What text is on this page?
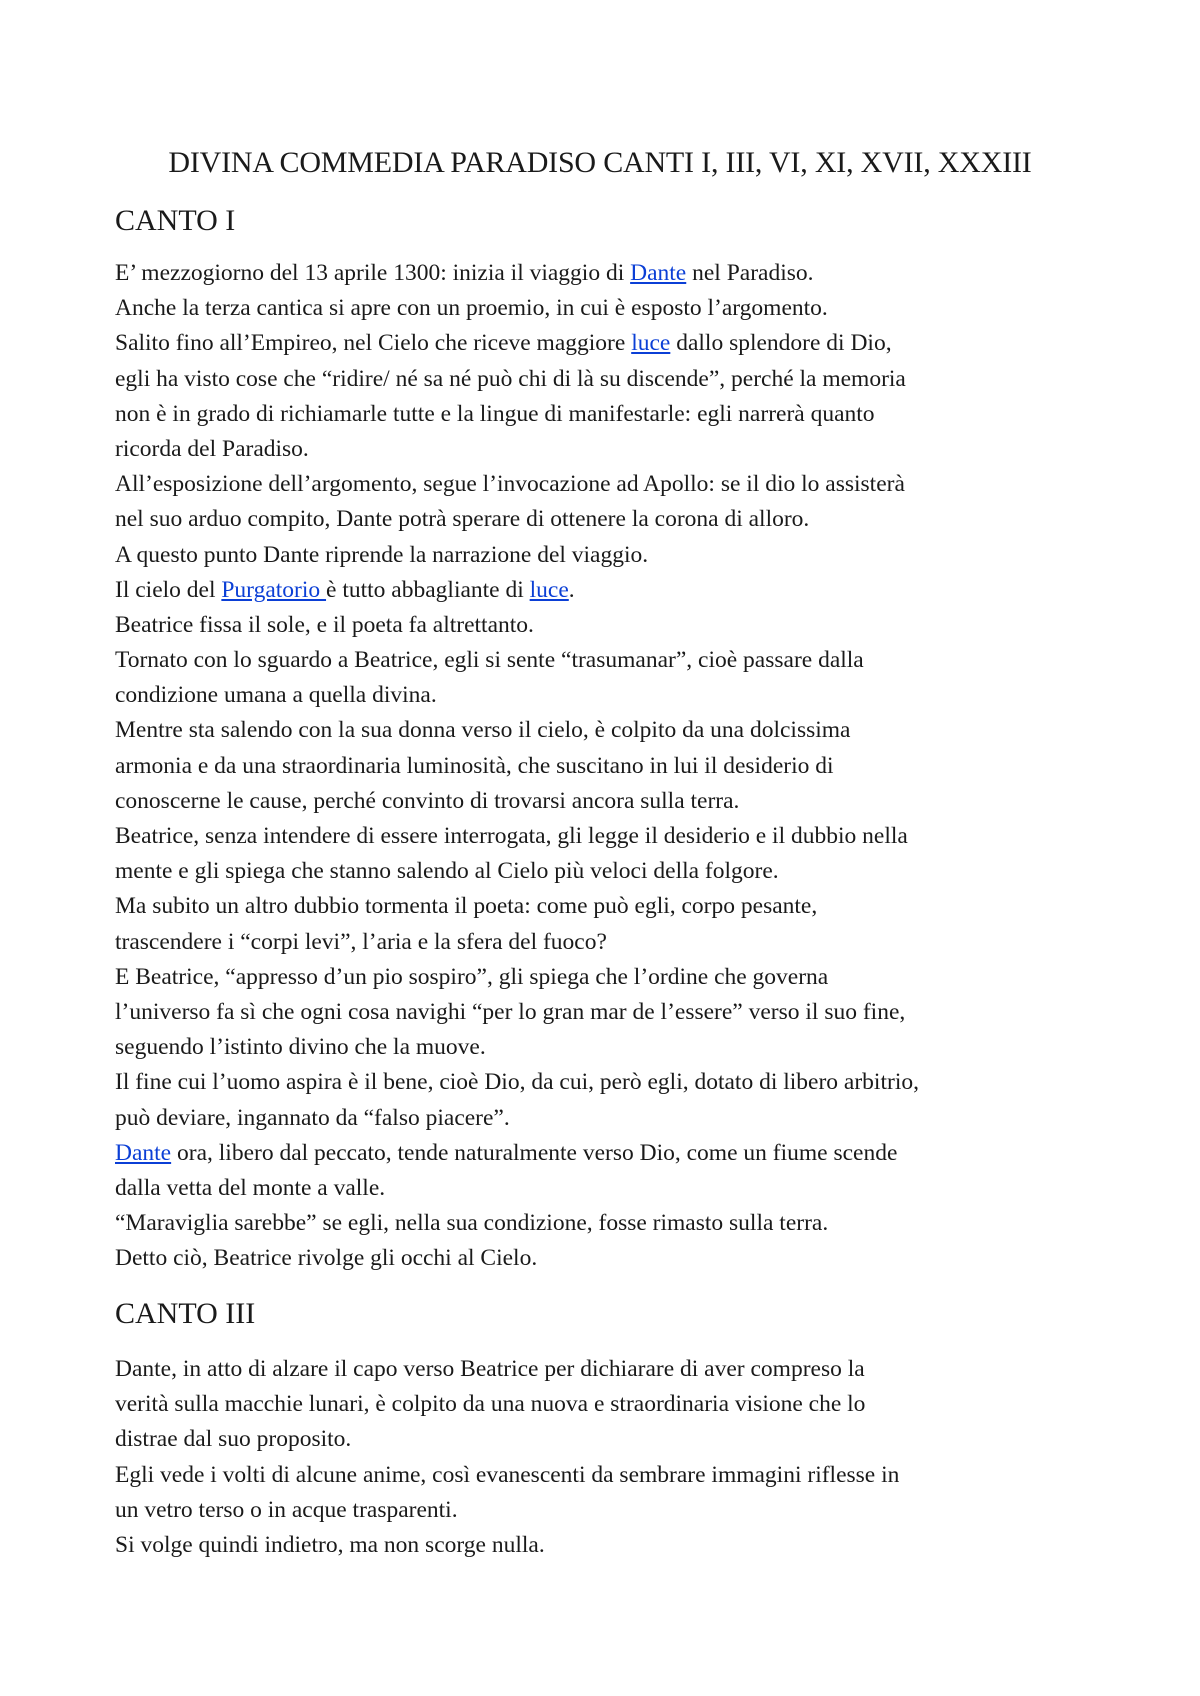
DIVINA COMMEDIA PARADISO CANTI I, III, VI, XI, XVII, XXXIII
CANTO I
E’ mezzogiorno del 13 aprile 1300: inizia il viaggio di Dante nel Paradiso.
Anche la terza cantica si apre con un proemio, in cui è esposto l’argomento.
Salito fino all’Empireo, nel Cielo che riceve maggiore luce dallo splendore di Dio,
egli ha visto cose che “ridire/ né sa né può chi di là su discende”, perché la memoria
non è in grado di richiamarle tutte e la lingue di manifestarle: egli narrerà quanto
ricorda del Paradiso.
All’esposizione dell’argomento, segue l’invocazione ad Apollo: se il dio lo assisterà
nel suo arduo compito, Dante potrà sperare di ottenere la corona di alloro.
A questo punto Dante riprende la narrazione del viaggio.
Il cielo del Purgatorio è tutto abbagliante di luce.
Beatrice fissa il sole, e il poeta fa altrettanto.
Tornato con lo sguardo a Beatrice, egli si sente “trasumanar”, cioè passare dalla
condizione umana a quella divina.
Mentre sta salendo con la sua donna verso il cielo, è colpito da una dolcissima
armonia e da una straordinaria luminosità, che suscitano in lui il desiderio di
conoscerne le cause, perché convinto di trovarsi ancora sulla terra.
Beatrice, senza intendere di essere interrogata, gli legge il desiderio e il dubbio nella
mente e gli spiega che stanno salendo al Cielo più veloci della folgore.
Ma subito un altro dubbio tormenta il poeta: come può egli, corpo pesante,
trascendere i “corpi levi”, l’aria e la sfera del fuoco?
E Beatrice, “appresso d’un pio sospiro”, gli spiega che l’ordine che governa
l’universo fa sì che ogni cosa navighi “per lo gran mar de l’essere” verso il suo fine,
seguendo l’istinto divino che la muove.
Il fine cui l’uomo aspira è il bene, cioè Dio, da cui, però egli, dotato di libero arbitrio,
può deviare, ingannato da “falso piacere”.
Dante ora, libero dal peccato, tende naturalmente verso Dio, come un fiume scende
dalla vetta del monte a valle.
“Maraviglia sarebbe” se egli, nella sua condizione, fosse rimasto sulla terra.
Detto ciò, Beatrice rivolge gli occhi al Cielo.
CANTO III
Dante, in atto di alzare il capo verso Beatrice per dichiarare di aver compreso la
verità sulla macchie lunari, è colpito da una nuova e straordinaria visione che lo
distrae dal suo proposito.
Egli vede i volti di alcune anime, così evanescenti da sembrare immagini riflesse in
un vetro terso o in acque trasparenti.
Si volge quindi indietro, ma non scorge nulla.
